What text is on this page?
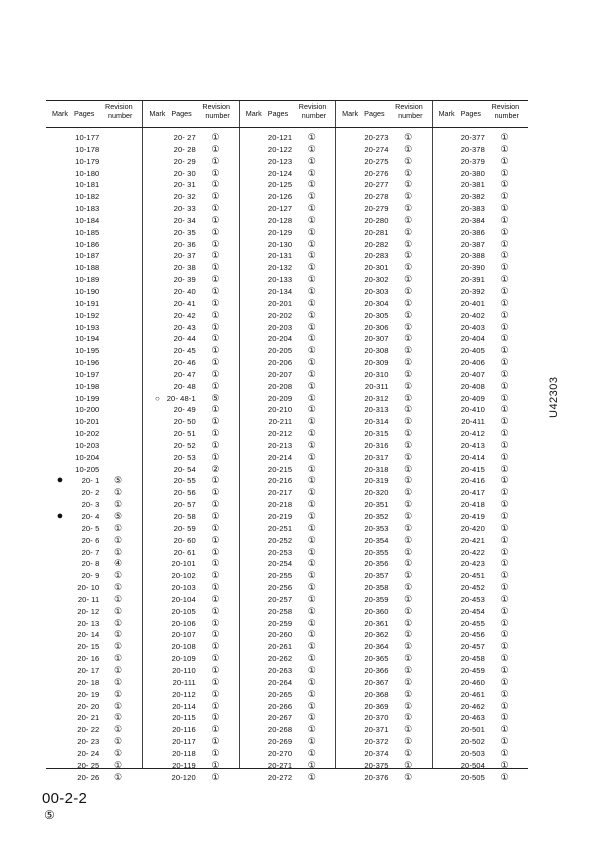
Mark Pages
Revision
number Mark Pages
Revision
number Mark Pages
Revision
number Mark Pages
Revision
number Mark Pages
Revision
number
10-177
10-178
10-179
10-180
10-181
10-182
10-183
10-184
10-185
10-186
10-187
10-188
10-189
10-190
10-191
10-192
10-193
10-194
10-195
10-196
10-197
10-198
10-199
10-200
10-201
10-202
10-203
10-204
10-205
● 20- 1 ⑤
20- 2 ①
20- 3 ①
● 20- 4 ⑤
20- 5 ①
20- 6 ①
20- 7 ①
20- 8 ④
20- 9 ①
20- 10 ①
20- 11 ①
20- 12 ①
20- 13 ①
20- 14 ①
20- 15 ①
20- 16 ①
20- 17 ①
20- 18 ①
20- 19 ①
20- 20 ①
20- 21 ①
20- 22 ①
20- 23 ①
20- 24 ①
20- 25 ①
20- 26 ①
20- 27 ①
20- 28 ①
20- 29 ①
20- 30 ①
20- 31 ①
20- 32 ①
20- 33 ①
20- 34 ①
20- 35 ①
20- 36 ①
20- 37 ①
20- 38 ①
20- 39 ①
20- 40 ①
20- 41 ①
20- 42 ①
20- 43 ①
20- 44 ①
20- 45 ①
20- 46 ①
20- 47 ①
20- 48 ①
○ 20- 48-1 ⑤
20- 49 ①
20- 50 ①
20- 51 ①
20- 52 ①
20- 53 ①
20- 54 ②
20- 55 ①
20- 56 ①
20- 57 ①
20- 58 ①
20- 59 ①
20- 60 ①
20- 61 ①
20-101 ①
20-102 ①
20-103 ①
20-104 ①
20-105 ①
20-106 ①
20-107 ①
20-108 ①
20-109 ①
20-110 ①
20-111 ①
20-112 ①
20-114 ①
20-115 ①
20-116 ①
20-117 ①
20-118 ①
20-119 ①
20-120 ①
20-121 ①
20-122 ①
20-123 ①
20-124 ①
20-125 ①
20-126 ①
20-127 ①
20-128 ①
20-129 ①
20-130 ①
20-131 ①
20-132 ①
20-133 ①
20-134 ①
20-201 ①
20-202 ①
20-203 ①
20-204 ①
20-205 ①
20-206 ①
20-207 ①
20-208 ①
20-209 ①
20-210 ①
20-211 ①
20-212 ①
20-213 ①
20-214 ①
20-215 ①
20-216 ①
20-217 ①
20-218 ①
20-219 ①
20-251 ①
20-252 ①
20-253 ①
20-254 ①
20-255 ①
20-256 ①
20-257 ①
20-258 ①
20-259 ①
20-260 ①
20-261 ①
20-262 ①
20-263 ①
20-264 ①
20-265 ①
20-266 ①
20-267 ①
20-268 ①
20-269 ①
20-270 ①
20-271 ①
20-272 ①
20-273 ①
20-274 ①
20-275 ①
20-276 ①
20-277 ①
20-278 ①
20-279 ①
20-280 ①
20-281 ①
20-282 ①
20-283 ①
20-301 ①
20-302 ①
20-303 ①
20-304 ①
20-305 ①
20-306 ①
20-307 ①
20-308 ①
20-309 ①
20-310 ①
20-311 ①
20-312 ①
20-313 ①
20-314 ①
20-315 ①
20-316 ①
20-317 ①
20-318 ①
20-319 ①
20-320 ①
20-351 ①
20-352 ①
20-353 ①
20-354 ①
20-355 ①
20-356 ①
20-357 ①
20-358 ①
20-359 ①
20-360 ①
20-361 ①
20-362 ①
20-364 ①
20-365 ①
20-366 ①
20-367 ①
20-368 ①
20-369 ①
20-370 ①
20-371 ①
20-372 ①
20-374 ①
20-375 ①
20-376 ①
20-377 ①
20-378 ①
20-379 ①
20-380 ①
20-381 ①
20-382 ①
20-383 ①
20-384 ①
20-386 ①
20-387 ①
20-388 ①
20-390 ①
20-391 ①
20-392 ①
20-401 ①
20-402 ①
20-403 ①
20-404 ①
20-405 ①
20-406 ①
20-407 ①
20-408 ①
20-409 ①
20-410 ①
20-411 ①
20-412 ①
20-413 ①
20-414 ①
20-415 ①
20-416 ①
20-417 ①
20-418 ①
20-419 ①
20-420 ①
20-421 ①
20-422 ①
20-423 ①
20-451 ①
20-452 ①
20-453 ①
20-454 ①
20-455 ①
20-456 ①
20-457 ①
20-458 ①
20-459 ①
20-460 ①
20-461 ①
20-462 ①
20-463 ①
20-501 ①
20-502 ①
20-503 ①
20-504 ①
20-505 ①
U42303
00-2-2
⑤
